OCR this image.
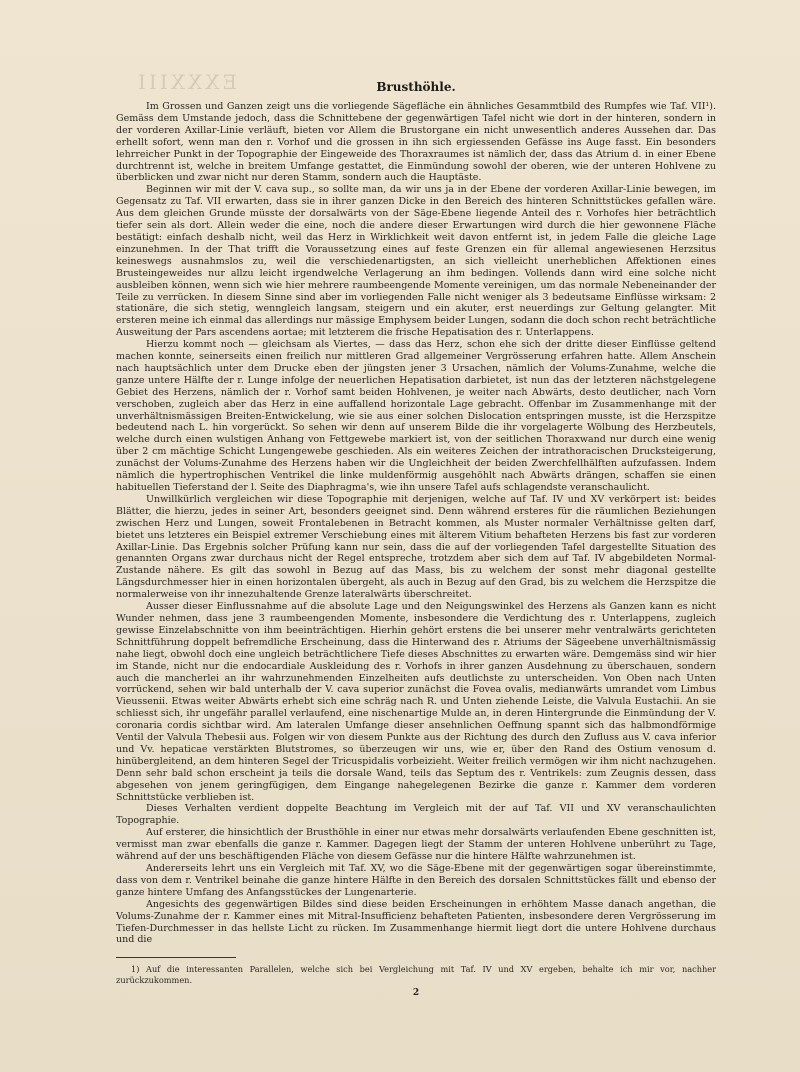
ЕXXXIII	Brusthöhle.

Im Grossen und Ganzen zeigt uns die vorliegende Sägefläche ein ähnliches Gesammtbild des Rumpfes wie Taf. VII¹). Gemäss dem Umstande jedoch, dass die Schnittebene der gegenwärtigen Tafel nicht wie dort in der hinteren, sondern in der vorderen Axillar-Linie verläuft, bieten vor Allem die Brustorgane ein nicht unwesentlich anderes Aussehen dar. Das erhellt sofort, wenn man den r. Vorhof und die grossen in ihn sich ergiessenden Gefässe ins Auge fasst. Ein besonders lehrreicher Punkt in der Topographie der Eingeweide des Thoraxraumes ist nämlich der, dass das Atrium d. in einer Ebene durchtrennt ist, welche in breitem Umfange gestattet, die Einmündung sowohl der oberen, wie der unteren Hohlvene zu überblicken und zwar nicht nur deren Stamm, sondern auch die Hauptäste.

Beginnen wir mit der V. cava sup., so sollte man, da wir uns ja in der Ebene der vorderen Axillar-Linie bewegen, im Gegensatz zu Taf. VII erwarten, dass sie in ihrer ganzen Dicke in den Bereich des hinteren Schnittstückes gefallen wäre. Aus dem gleichen Grunde müsste der dorsalwärts von der Säge-Ebene liegende Anteil des r. Vorhofes hier beträchtlich tiefer sein als dort. Allein weder die eine, noch die andere dieser Erwartungen wird durch die hier gewonnene Fläche bestätigt: einfach deshalb nicht, weil das Herz in Wirklichkeit weit davon entfernt ist, in jedem Falle die gleiche Lage einzunehmen. In der That trifft die Voraussetzung eines auf feste Grenzen ein für allemal angewiesenen Herzsitus keineswegs ausnahmslos zu, weil die verschiedenartigsten, an sich vielleicht unerheblichen Affektionen eines Brusteingeweides nur allzu leicht irgendwelche Verlagerung an ihm bedingen. Vollends dann wird eine solche nicht ausbleiben können, wenn sich wie hier mehrere raumbeengende Momente vereinigen, um das normale Nebeneinander der Teile zu verrücken. In diesem Sinne sind aber im vorliegenden Falle nicht weniger als 3 bedeutsame Einflüsse wirksam: 2 stationäre, die sich stetig, wenngleich langsam, steigern und ein akuter, erst neuerdings zur Geltung gelangter. Mit ersteren meine ich einmal das allerdings nur mässige Emphysem beider Lungen, sodann die doch schon recht beträchtliche Ausweitung der Pars ascendens aortae; mit letzterem die frische Hepatisation des r. Unterlappens.

Hierzu kommt noch — gleichsam als Viertes, — dass das Herz, schon ehe sich der dritte dieser Einflüsse geltend machen konnte, seinerseits einen freilich nur mittleren Grad allgemeiner Vergrösserung erfahren hatte. Allem Anschein nach hauptsächlich unter dem Drucke eben der jüngsten jener 3 Ursachen, nämlich der Volums-Zunahme, welche die ganze untere Hälfte der r. Lunge infolge der neuerlichen Hepatisation darbietet, ist nun das der letzteren nächstgelegene Gebiet des Herzens, nämlich der r. Vorhof samt beiden Hohlvenen, je weiter nach Abwärts, desto deutlicher, nach Vorn verschoben, zugleich aber das Herz in eine auffallend horizontale Lage gebracht. Offenbar im Zusammenhange mit der unverhältnismässigen Breiten-Entwickelung, wie sie aus einer solchen Dislocation entspringen musste, ist die Herzspitze bedeutend nach L. hin vorgerückt. So sehen wir denn auf unserem Bilde die ihr vorgelagerte Wölbung des Herzbeutels, welche durch einen wulstigen Anhang von Fettgewebe markiert ist, von der seitlichen Thoraxwand nur durch eine wenig über 2 cm mächtige Schicht Lungengewebe geschieden. Als ein weiteres Zeichen der intrathoracischen Drucksteigerung, zunächst der Volums-Zunahme des Herzens haben wir die Ungleichheit der beiden Zwerchfellhälften aufzufassen. Indem nämlich die hypertrophischen Ventrikel die linke muldenförmig ausgehöhlt nach Abwärts drängen, schaffen sie einen habituellen Tieferstand der l. Seite des Diaphragma's, wie ihn unsere Tafel aufs schlagendste veranschaulicht.

Unwillkürlich vergleichen wir diese Topographie mit derjenigen, welche auf Taf. IV und XV verkörpert ist: beides Blätter, die hierzu, jedes in seiner Art, besonders geeignet sind. Denn während ersteres für die räumlichen Beziehungen zwischen Herz und Lungen, soweit Frontalebenen in Betracht kommen, als Muster normaler Verhältnisse gelten darf, bietet uns letzteres ein Beispiel extremer Verschiebung eines mit älterem Vitium behafteten Herzens bis fast zur vorderen Axillar-Linie. Das Ergebnis solcher Prüfung kann nur sein, dass die auf der vorliegenden Tafel dargestellte Situation des genannten Organs zwar durchaus nicht der Regel entspreche, trotzdem aber sich dem auf Taf. IV abgebildeten Normal-Zustande nähere. Es gilt das sowohl in Bezug auf das Mass, bis zu welchem der sonst mehr diagonal gestellte Längsdurchmesser hier in einen horizontalen übergeht, als auch in Bezug auf den Grad, bis zu welchem die Herzspitze die normalerweise von ihr innezuhaltende Grenze lateralwärts überschreitet.

Ausser dieser Einflussnahme auf die absolute Lage und den Neigungswinkel des Herzens als Ganzen kann es nicht Wunder nehmen, dass jene 3 raumbeengenden Momente, insbesondere die Verdichtung des r. Unterlappens, zugleich gewisse Einzelabschnitte von ihm beeinträchtigen. Hierhin gehört erstens die bei unserer mehr ventralwärts gerichteten Schnittführung doppelt befremdliche Erscheinung, dass die Hinterwand des r. Atriums der Sägeebene unverhältnismässig nahe liegt, obwohl doch eine ungleich beträchtlichere Tiefe dieses Abschnittes zu erwarten wäre. Demgemäss sind wir hier im Stande, nicht nur die endocardiale Auskleidung des r. Vorhofs in ihrer ganzen Ausdehnung zu überschauen, sondern auch die mancherlei an ihr wahrzunehmenden Einzelheiten aufs deutlichste zu unterscheiden. Von Oben nach Unten vorrückend, sehen wir bald unterhalb der V. cava superior zunächst die Fovea ovalis, medianwärts umrandet vom Limbus Vieussenii. Etwas weiter Abwärts erhebt sich eine schräg nach R. und Unten ziehende Leiste, die Valvula Eustachii. An sie schliesst sich, ihr ungefähr parallel verlaufend, eine nischenartige Mulde an, in deren Hintergrunde die Einmündung der V. coronaria cordis sichtbar wird. Am lateralen Umfange dieser ansehnlichen Oeffnung spannt sich das halbmondförmige Ventil der Valvula Thebesii aus. Folgen wir von diesem Punkte aus der Richtung des durch den Zufluss aus V. cava inferior und Vv. hepaticae verstärkten Blutstromes, so überzeugen wir uns, wie er, über den Rand des Ostium venosum d. hinübergleitend, an dem hinteren Segel der Tricuspidalis vorbeizieht. Weiter freilich vermögen wir ihm nicht nachzugehen. Denn sehr bald schon erscheint ja teils die dorsale Wand, teils das Septum des r. Ventrikels: zum Zeugnis dessen, dass abgesehen von jenem geringfügigen, dem Eingange nahegelegenen Bezirke die ganze r. Kammer dem vorderen Schnittstücke verblieben ist.

Dieses Verhalten verdient doppelte Beachtung im Vergleich mit der auf Taf. VII und XV veranschaulichten Topographie.

Auf ersterer, die hinsichtlich der Brusthöhle in einer nur etwas mehr dorsalwärts verlaufenden Ebene geschnitten ist, vermisst man zwar ebenfalls die ganze r. Kammer. Dagegen liegt der Stamm der unteren Hohlvene unberührt zu Tage, während auf der uns beschäftigenden Fläche von diesem Gefässe nur die hintere Hälfte wahrzunehmen ist.

Andererseits lehrt uns ein Vergleich mit Taf. XV, wo die Säge-Ebene mit der gegenwärtigen sogar übereinstimmte, dass von dem r. Ventrikel beinahe die ganze hintere Hälfte in den Bereich des dorsalen Schnittstückes fällt und ebenso der ganze hintere Umfang des Anfangsstückes der Lungenarterie.

Angesichts des gegenwärtigen Bildes sind diese beiden Erscheinungen in erhöhtem Masse danach angethan, die Volums-Zunahme der r. Kammer eines mit Mitral-Insufficienz behafteten Patienten, insbesondere deren Vergrösserung im Tiefen-Durchmesser in das hellste Licht zu rücken. Im Zusammenhange hiermit liegt dort die untere Hohlvene durchaus und die

1) Auf die interessanten Parallelen, welche sich bei Vergleichung mit Taf. IV und XV ergeben, behalte ich mir vor, nachher zurückzukommen.

2
